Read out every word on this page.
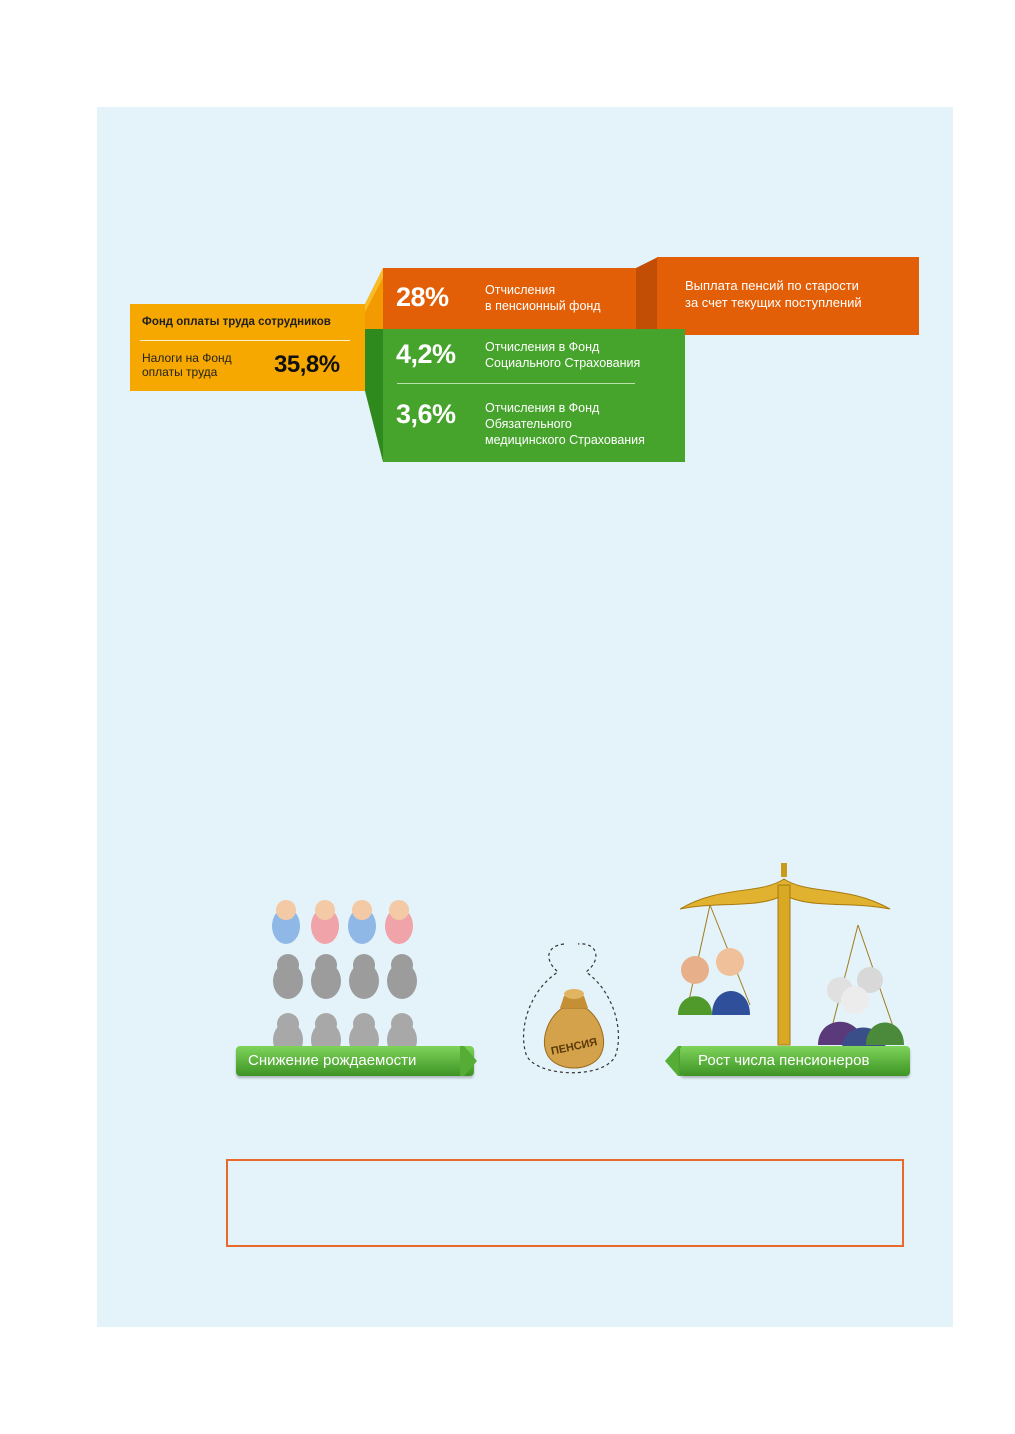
Фонд оплаты труда сотрудников
Налоги на Фонд оплаты труда	35,8%
28%	Отчисления
в пенсионный фонд
Выплата пенсий по старости
за счет текущих поступлений
4,2% Отчисления в Фонд
Социального Страхования
3,6% Отчисления в Фонд
Обязательного
медицинского Страхования
Снижение рождаемости
ПЕНСИЯ
Рост числа пенсионеров
